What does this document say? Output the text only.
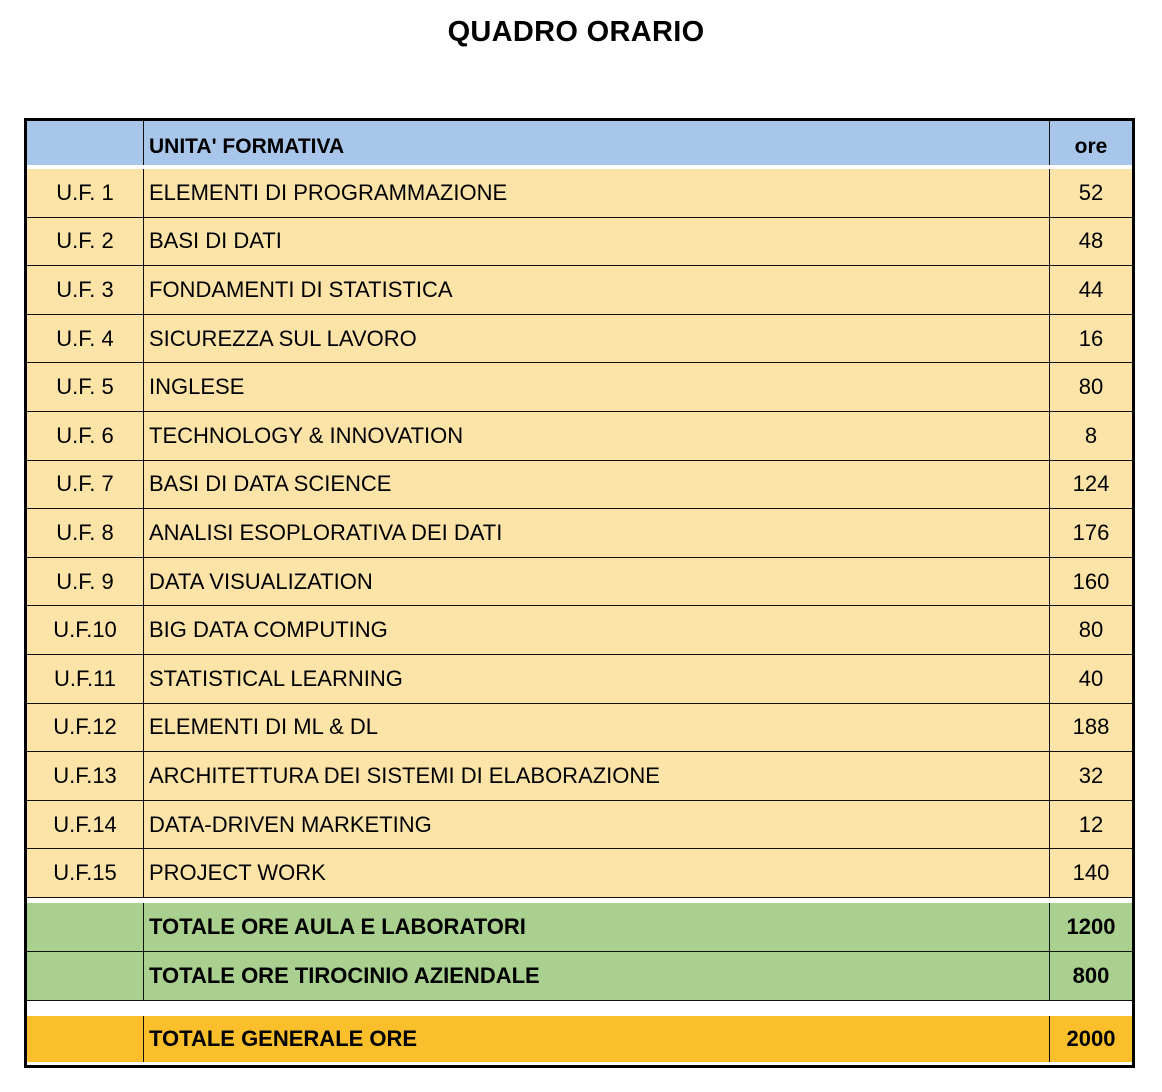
QUADRO ORARIO
UNITA' FORMATIVA	ore
U.F. 1	ELEMENTI DI PROGRAMMAZIONE	52
U.F. 2	BASI DI DATI	48
U.F. 3	FONDAMENTI DI STATISTICA	44
U.F. 4	SICUREZZA SUL LAVORO	16
U.F. 5	INGLESE	80
U.F. 6	TECHNOLOGY & INNOVATION	8
U.F. 7	BASI DI DATA SCIENCE	124
U.F. 8	ANALISI ESOPLORATIVA DEI DATI	176
U.F. 9	DATA VISUALIZATION	160
U.F.10	BIG DATA COMPUTING	80
U.F.11	STATISTICAL LEARNING	40
U.F.12	ELEMENTI DI ML & DL	188
U.F.13	ARCHITETTURA DEI SISTEMI DI ELABORAZIONE	32
U.F.14	DATA-DRIVEN MARKETING	12
U.F.15	PROJECT WORK	140
TOTALE ORE AULA E LABORATORI	1200
TOTALE ORE TIROCINIO AZIENDALE	800
TOTALE GENERALE ORE	2000
